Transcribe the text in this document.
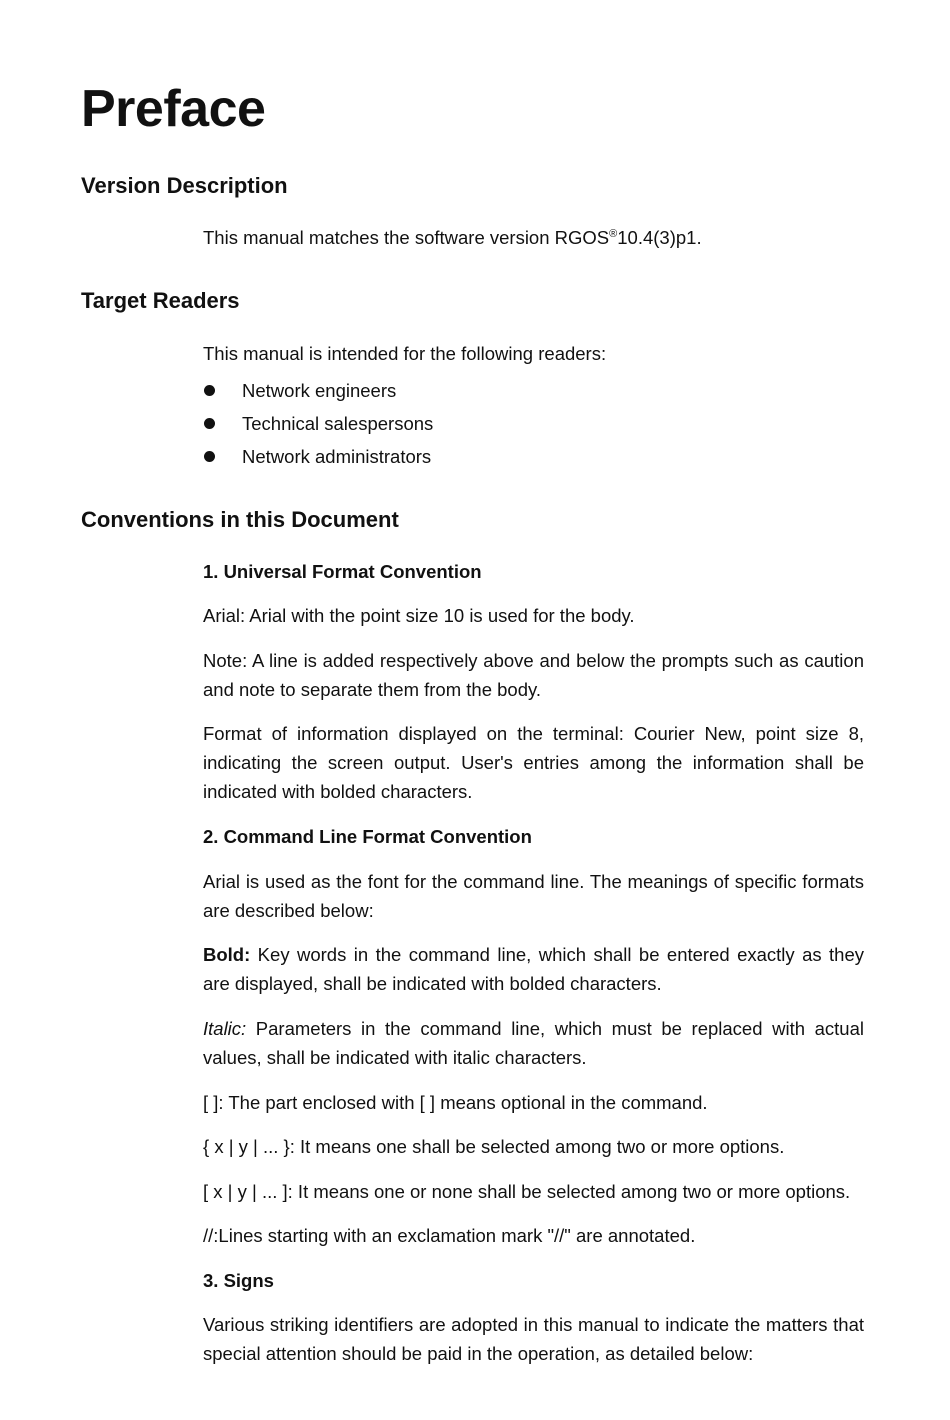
Preface
Version Description

This manual matches the software version RGOS®10.4(3)p1.

Target Readers

This manual is intended for the following readers:

Network engineers
Technical salespersons
Network administrators
Conventions in this Document
1. Universal Format Convention

Arial: Arial with the point size 10 is used for the body.

Note: A line is added respectively above and below the prompts such as caution and note to separate them from the body.

Format of information displayed on the terminal: Courier New, point size 8, indicating the screen output. User's entries among the information shall be indicated with bolded characters.

2. Command Line Format Convention

Arial is used as the font for the command line. The meanings of specific formats are described below:

Bold: Key words in the command line, which shall be entered exactly as they are displayed, shall be indicated with bolded characters.

Italic: Parameters in the command line, which must be replaced with actual values, shall be indicated with italic characters.

[ ]: The part enclosed with [ ] means optional in the command.

{ x | y | ... }: It means one shall be selected among two or more options.

[ x | y | ... ]: It means one or none shall be selected among two or more options.

//:Lines starting with an exclamation mark "//" are annotated.

3. Signs

Various striking identifiers are adopted in this manual to indicate the matters that special attention should be paid in the operation, as detailed below:
